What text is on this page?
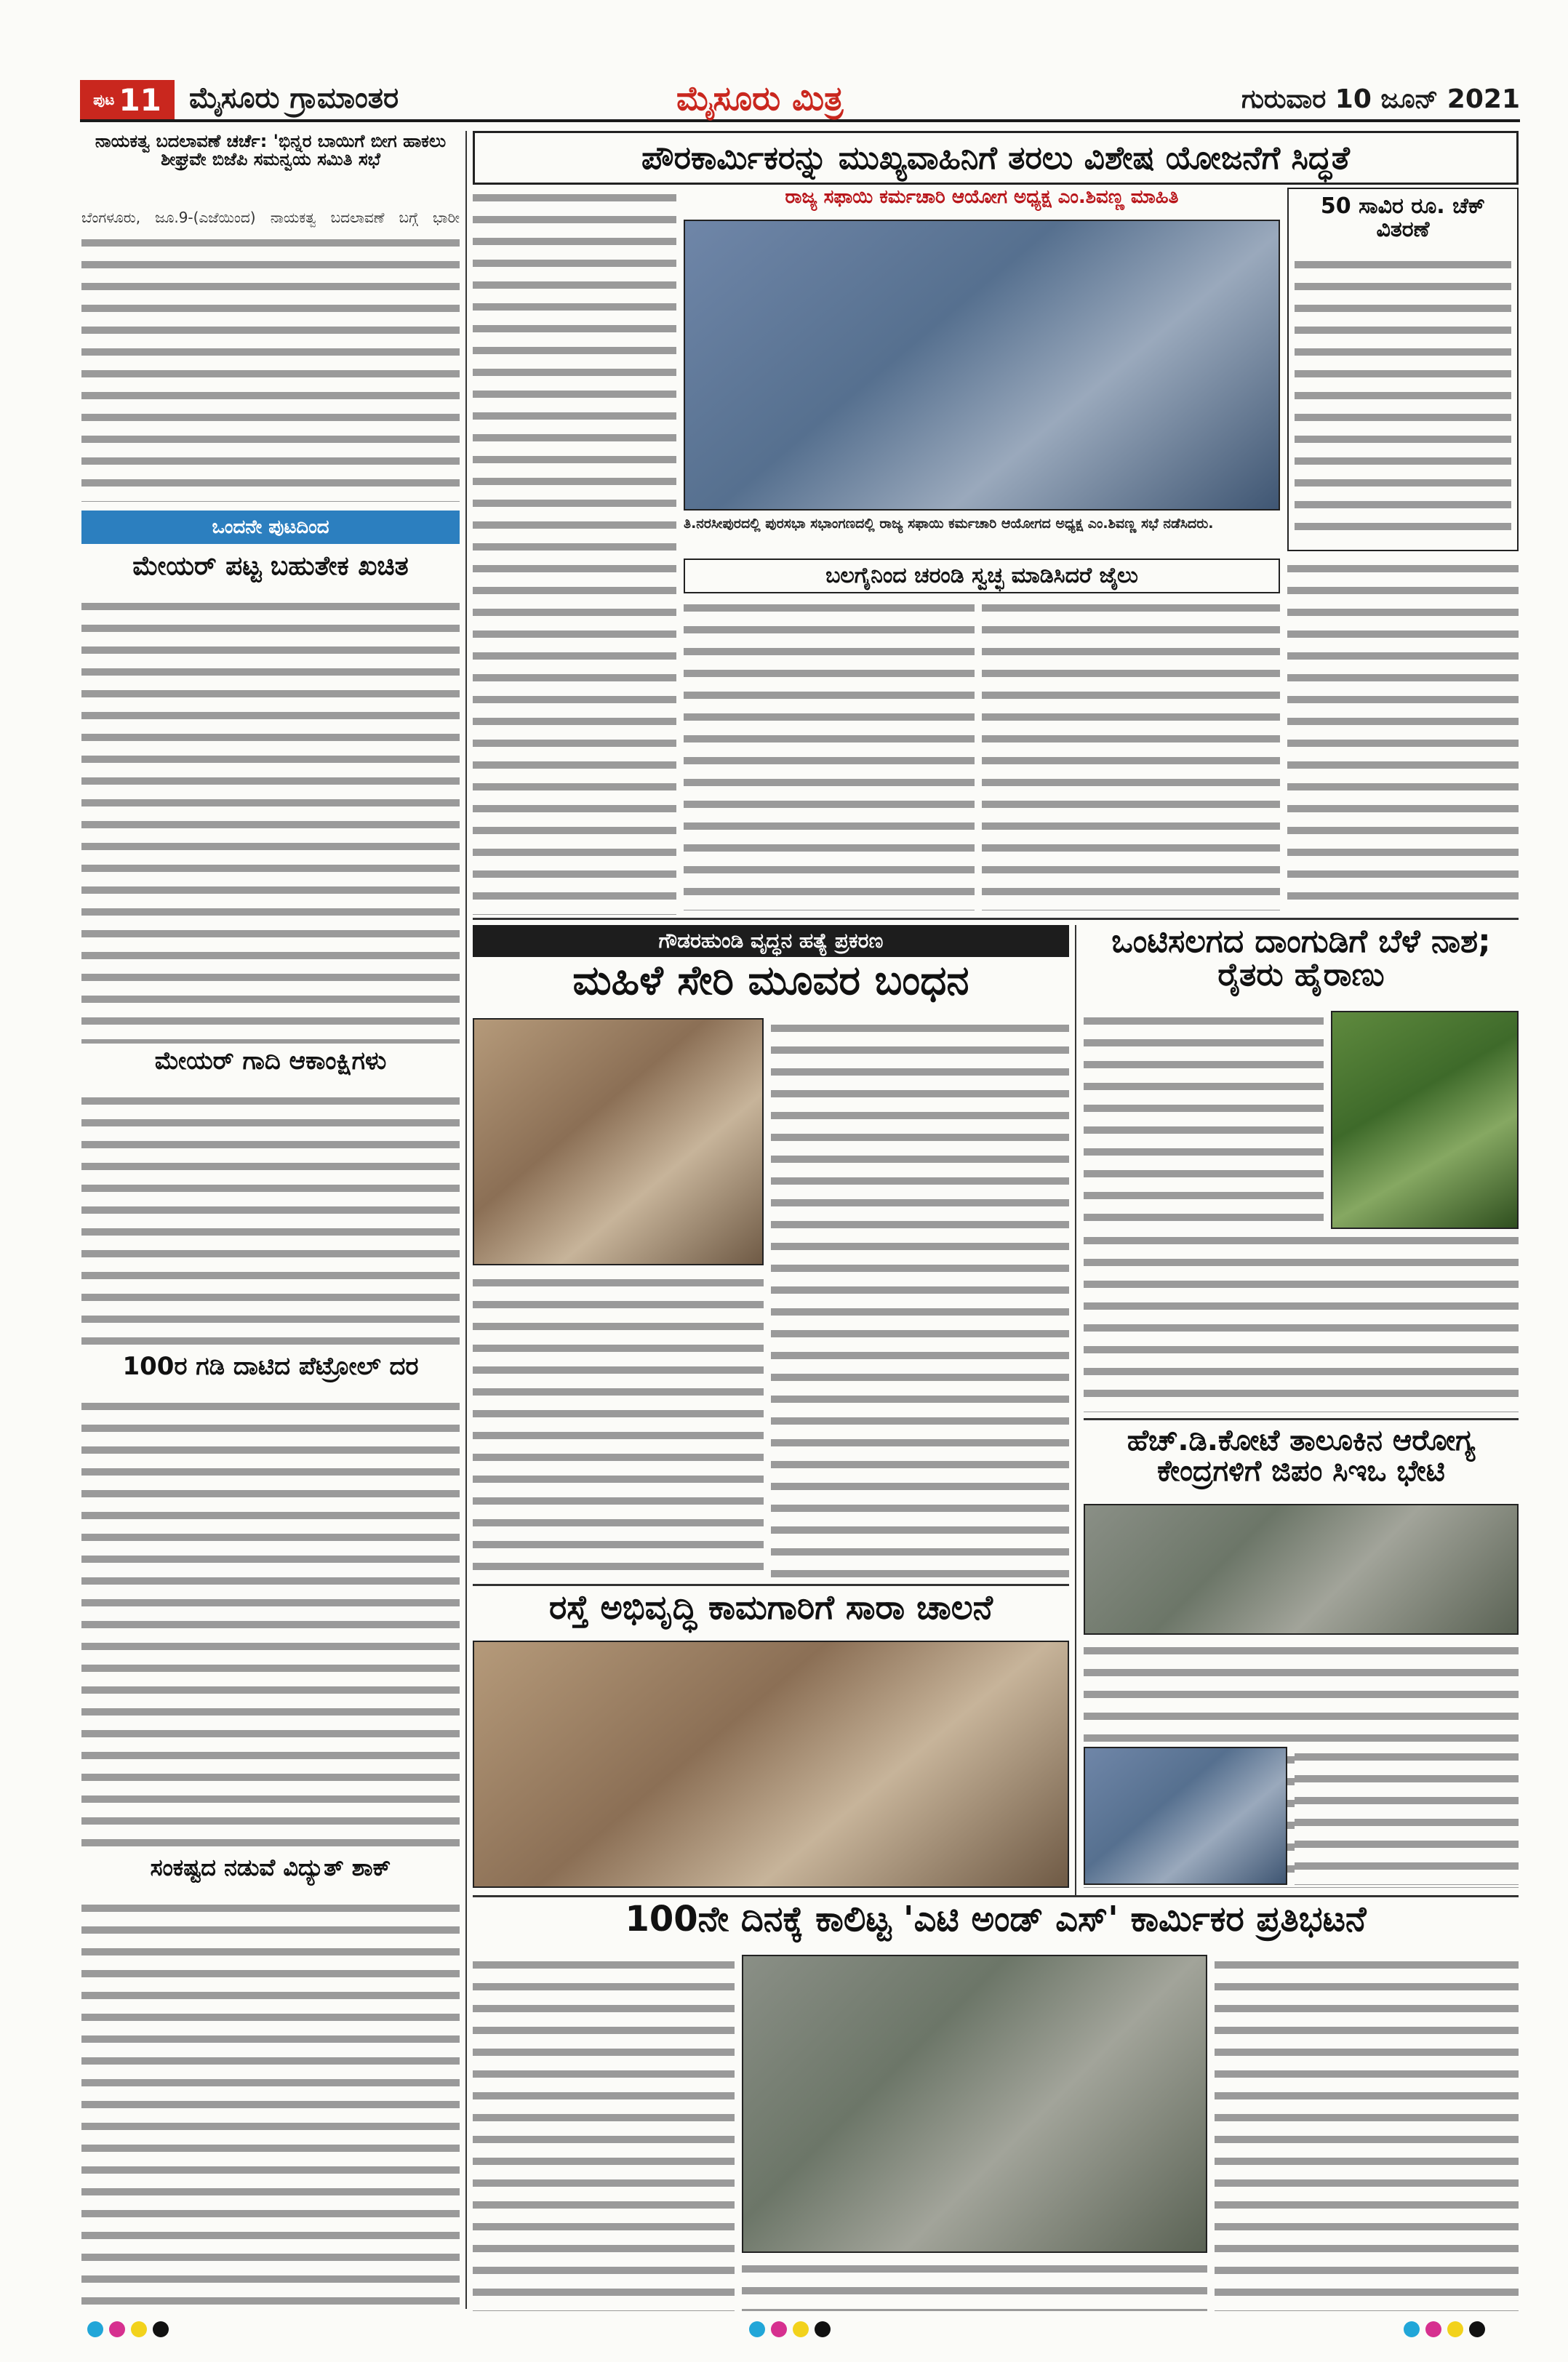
ಪುಟ 11 ಮೈಸೂರು ಗ್ರಾಮಾಂತರ	ಮೈಸೂರು ಮಿತ್ರ	ಗುರುವಾರ 10 ಜೂನ್ 2021
ನಾಯಕತ್ವ ಬದಲಾವಣೆ ಚರ್ಚೆ: 'ಭಿನ್ನರ ಬಾಯಿಗೆ ಬೀಗ ಹಾಕಲು ಶೀಘ್ರವೇ ಬಿಜೆಪಿ ಸಮನ್ವಯ ಸಮಿತಿ ಸಭೆ
ಬೆಂಗಳೂರು, ಜೂ.9-(ಎಜೆಯಿಂದ) ನಾಯಕತ್ವ ಬದಲಾವಣೆ ಬಗ್ಗೆ ಭಾರೀ
ಒಂದನೇ ಪುಟದಿಂದ
ಮೇಯರ್ ಪಟ್ಟ ಬಹುತೇಕ ಖಚಿತ
ಮೇಯರ್ ಗಾದಿ ಆಕಾಂಕ್ಷಿಗಳು
100ರ ಗಡಿ ದಾಟಿದ ಪೆಟ್ರೋಲ್ ದರ
ಸಂಕಷ್ಟದ ನಡುವೆ ವಿದ್ಯುತ್ ಶಾಕ್
ಪೌರಕಾರ್ಮಿಕರನ್ನು ಮುಖ್ಯವಾಹಿನಿಗೆ ತರಲು ವಿಶೇಷ ಯೋಜನೆಗೆ ಸಿದ್ಧತೆ
ರಾಜ್ಯ ಸಫಾಯಿ ಕರ್ಮಚಾರಿ ಆಯೋಗ ಅಧ್ಯಕ್ಷ ಎಂ.ಶಿವಣ್ಣ ಮಾಹಿತಿ
ತಿ.ನರಸೀಪುರದಲ್ಲಿ ಪುರಸಭಾ ಸಭಾಂಗಣದಲ್ಲಿ ರಾಜ್ಯ ಸಫಾಯಿ ಕರ್ಮಚಾರಿ ಆಯೋಗದ ಅಧ್ಯಕ್ಷ ಎಂ.ಶಿವಣ್ಣ ಸಭೆ ನಡೆಸಿದರು.
50 ಸಾವಿರ ರೂ. ಚೆಕ್ ವಿತರಣೆ
ಬಲಗೈನಿಂದ ಚರಂಡಿ ಸ್ವಚ್ಛ ಮಾಡಿಸಿದರೆ ಜೈಲು
ಗೌಡರಹುಂಡಿ ವೃದ್ಧನ ಹತ್ಯೆ ಪ್ರಕರಣ
ಮಹಿಳೆ ಸೇರಿ ಮೂವರ ಬಂಧನ
ಒಂಟಿಸಲಗದ ದಾಂಗುಡಿಗೆ ಬೆಳೆ ನಾಶ; ರೈತರು ಹೈರಾಣು
ಹೆಚ್.ಡಿ.ಕೋಟೆ ತಾಲೂಕಿನ ಆರೋಗ್ಯ ಕೇಂದ್ರಗಳಿಗೆ ಜಿಪಂ ಸಿಇಒ ಭೇಟಿ
ರಸ್ತೆ ಅಭಿವೃದ್ಧಿ ಕಾಮಗಾರಿಗೆ ಸಾರಾ ಚಾಲನೆ
100ನೇ ದಿನಕ್ಕೆ ಕಾಲಿಟ್ಟ 'ಎಟಿ ಅಂಡ್ ಎಸ್' ಕಾರ್ಮಿಕರ ಪ್ರತಿಭಟನೆ
